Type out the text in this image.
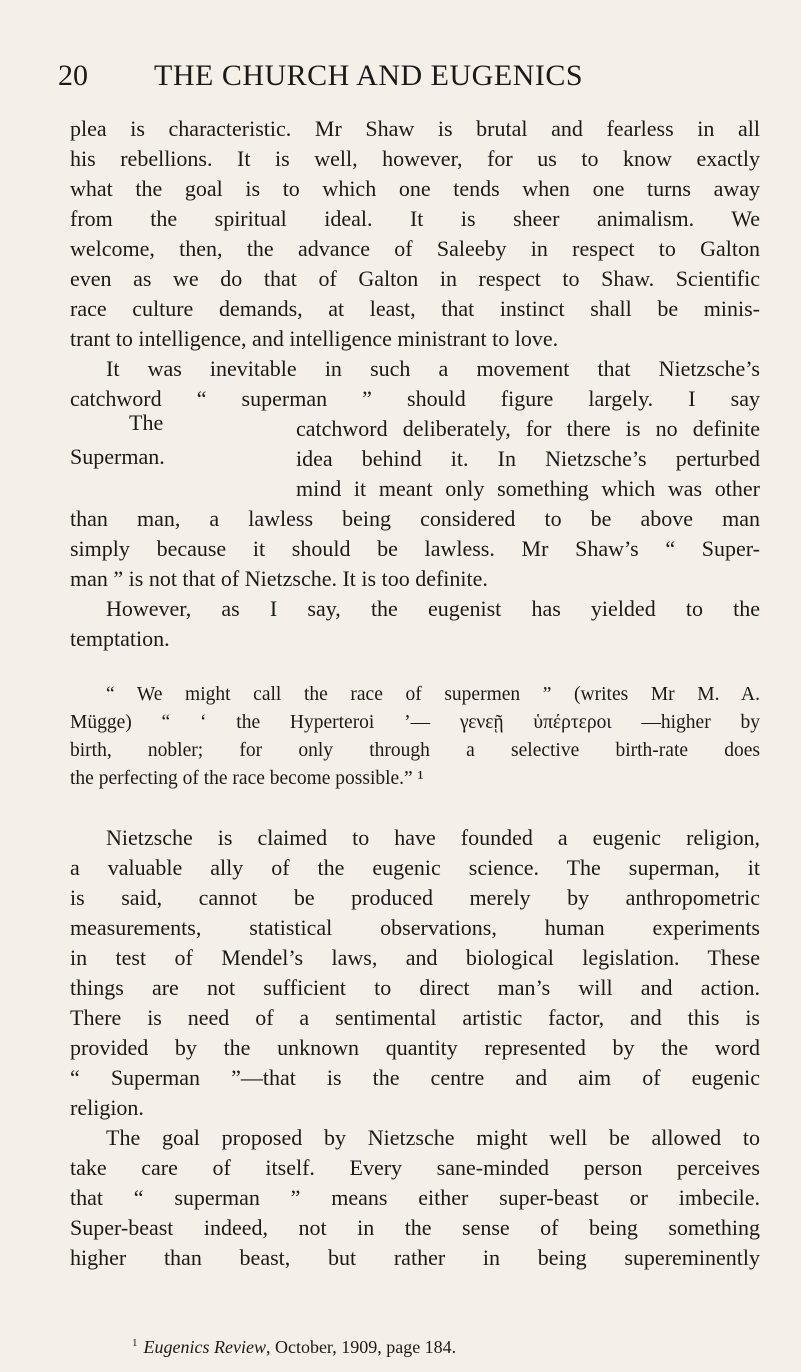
20 THE CHURCH AND EUGENICS
The
Superman.
plea is characteristic. Mr Shaw is brutal and fearless in all
his rebellions. It is well, however, for us to know exactly
what the goal is to which one tends when one turns away
from the spiritual ideal. It is sheer animalism. We
welcome, then, the advance of Saleeby in respect to Galton
even as we do that of Galton in respect to Shaw. Scientific
race culture demands, at least, that instinct shall be minis-
trant to intelligence, and intelligence ministrant to love.
It was inevitable in such a movement that Nietzsche’s
catchword “ superman ” should figure largely. I say
catchword deliberately, for there is no definite
idea behind it. In Nietzsche’s perturbed
mind it meant only something which was other
than man, a lawless being considered to be above man
simply because it should be lawless. Mr Shaw’s “ Super-
man ” is not that of Nietzsche. It is too definite.
However, as I say, the eugenist has yielded to the
temptation.
“ We might call the race of supermen ” (writes Mr M. A.
Mügge) “ ‘ the Hyperteroi ’— γενεῇ ὑπέρτεροι —higher by
birth, nobler; for only through a selective birth-rate does
the perfecting of the race become possible.” ¹
Nietzsche is claimed to have founded a eugenic religion,
a valuable ally of the eugenic science. The superman, it
is said, cannot be produced merely by anthropometric
measurements, statistical observations, human experiments
in test of Mendel’s laws, and biological legislation. These
things are not sufficient to direct man’s will and action.
There is need of a sentimental artistic factor, and this is
provided by the unknown quantity represented by the word
“ Superman ”—that is the centre and aim of eugenic
religion.
The goal proposed by Nietzsche might well be allowed to
take care of itself. Every sane-minded person perceives
that “ superman ” means either super-beast or imbecile.
Super-beast indeed, not in the sense of being something
higher than beast, but rather in being supereminently
$^1$ Eugenics Review, October, 1909, page 184.
